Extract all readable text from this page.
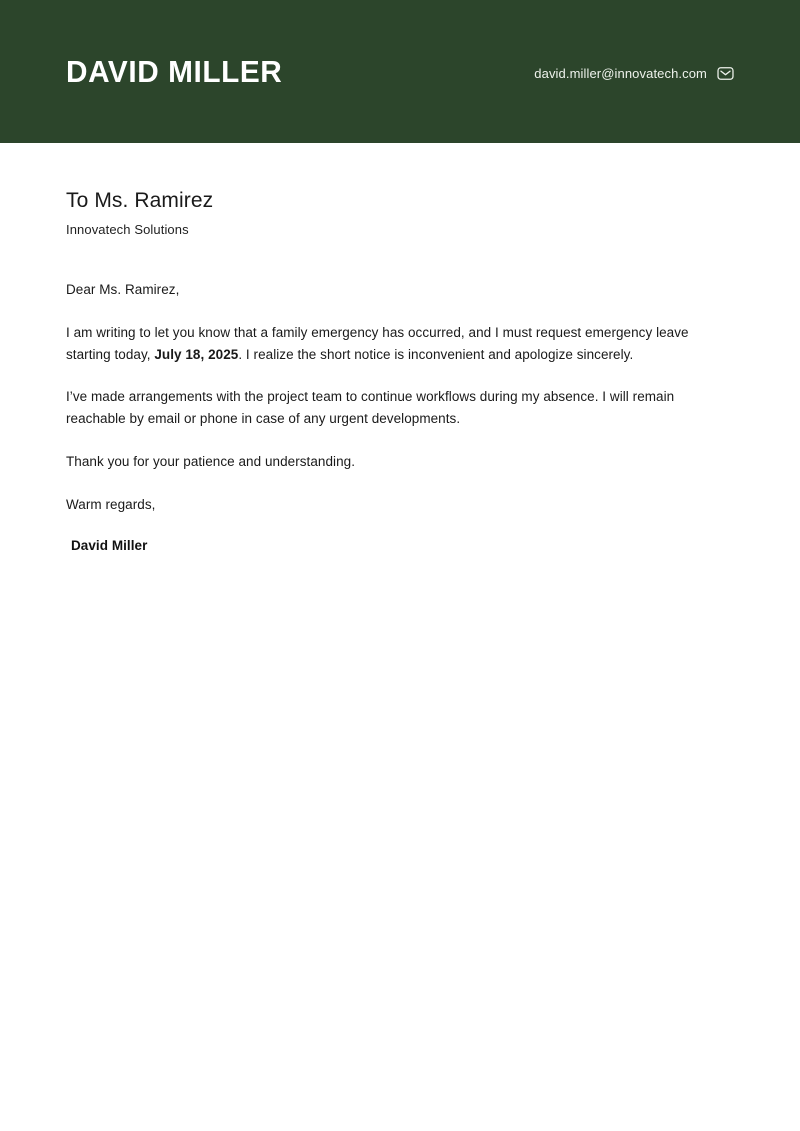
DAVID MILLER	david.miller@innovatech.com
To Ms. Ramirez

Innovatech Solutions

Dear Ms. Ramirez,

I am writing to let you know that a family emergency has occurred, and I must request emergency leave starting today, July 18, 2025. I realize the short notice is inconvenient and apologize sincerely.

I’ve made arrangements with the project team to continue workflows during my absence. I will remain reachable by email or phone in case of any urgent developments.

Thank you for your patience and understanding.

Warm regards,

David Miller
